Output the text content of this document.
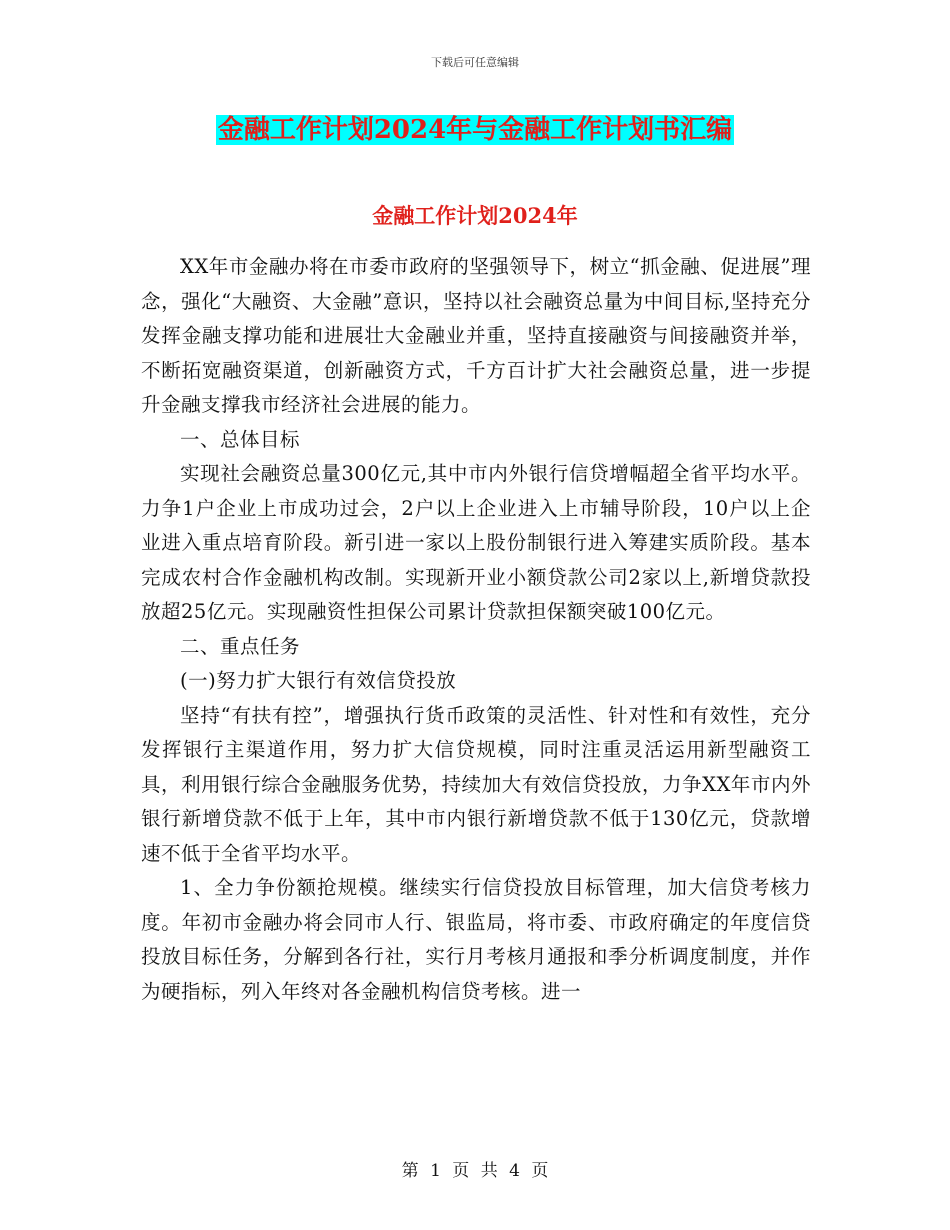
下载后可任意编辑
金融工作计划2024年与金融工作计划书汇编
金融工作计划2024年

XX年市金融办将在市委市政府的坚强领导下，树立“抓金融、促进展”理念，强化“大融资、大金融”意识，坚持以社会融资总量为中间目标,坚持充分发挥金融支撑功能和进展壮大金融业并重，坚持直接融资与间接融资并举，不断拓宽融资渠道，创新融资方式，千方百计扩大社会融资总量，进一步提升金融支撑我市经济社会进展的能力。

一、总体目标

实现社会融资总量300亿元,其中市内外银行信贷增幅超全省平均水平。力争1户企业上市成功过会，2户以上企业进入上市辅导阶段，10户以上企业进入重点培育阶段。新引进一家以上股份制银行进入筹建实质阶段。基本完成农村合作金融机构改制。实现新开业小额贷款公司2家以上,新增贷款投放超25亿元。实现融资性担保公司累计贷款担保额突破100亿元。

二、重点任务

(一)努力扩大银行有效信贷投放

坚持“有扶有控”，增强执行货币政策的灵活性、针对性和有效性，充分发挥银行主渠道作用，努力扩大信贷规模，同时注重灵活运用新型融资工具，利用银行综合金融服务优势，持续加大有效信贷投放，力争XX年市内外银行新增贷款不低于上年，其中市内银行新增贷款不低于130亿元，贷款增速不低于全省平均水平。

1、全力争份额抢规模。继续实行信贷投放目标管理，加大信贷考核力度。年初市金融办将会同市人行、银监局，将市委、市政府确定的年度信贷投放目标任务，分解到各行社，实行月考核月通报和季分析调度制度，并作为硬指标，列入年终对各金融机构信贷考核。进一

第 1 页 共 4 页
